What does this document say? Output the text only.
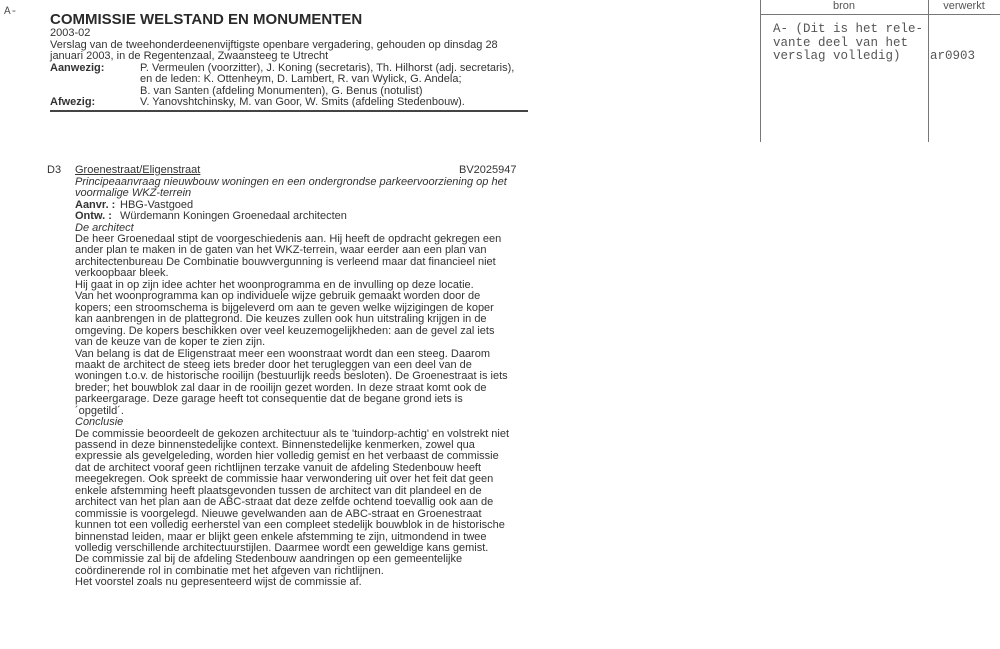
A- COMMISSIE WELSTAND EN MONUMENTEN
2003-02
Verslag van de tweehonderdeenenvijftigste openbare vergadering, gehouden op dinsdag 28
januari 2003, in de Regentenzaal, Zwaansteeg te Utrecht
Aanwezig:	P. Vermeulen (voorzitter), J. Koning (secretaris), Th. Hilhorst (adj. secretaris),
en de leden: K. Ottenheym, D. Lambert, R. van Wylick, G. Andela;
B. van Santen (afdeling Monumenten), G. Benus (notulist)
Afwezig:	V. Yanovshtchinsky, M. van Goor, W. Smits (afdeling Stedenbouw).
bron	verwerkt
A- (Dit is het rele-
vante deel van het
verslag volledig) ar0903
D3 Groenestraat/Eligenstraat	BV2025947
Principeaanvraag nieuwbouw woningen en een ondergrondse parkeervoorziening op het
voormalige WKZ-terrein
Aanvr. : HBG-Vastgoed
Ontw. : Würdemann Koningen Groenedaal architecten
De architect
De heer Groenedaal stipt de voorgeschiedenis aan. Hij heeft de opdracht gekregen een
ander plan te maken in de gaten van het WKZ-terrein, waar eerder aan een plan van
architectenbureau De Combinatie bouwvergunning is verleend maar dat financieel niet
verkoopbaar bleek.
Hij gaat in op zijn idee achter het woonprogramma en de invulling op deze locatie.
Van het woonprogramma kan op individuele wijze gebruik gemaakt worden door de
kopers; een stroomschema is bijgeleverd om aan te geven welke wijzigingen de koper
kan aanbrengen in de plattegrond. Die keuzes zullen ook hun uitstraling krijgen in de
omgeving. De kopers beschikken over veel keuzemogelijkheden: aan de gevel zal iets
van de keuze van de koper te zien zijn.
Van belang is dat de Eligenstraat meer een woonstraat wordt dan een steeg. Daarom
maakt de architect de steeg iets breder door het terugleggen van een deel van de
woningen t.o.v. de historische rooilijn (bestuurlijk reeds besloten). De Groenestraat is iets
breder; het bouwblok zal daar in de rooilijn gezet worden. In deze straat komt ook de
parkeergarage. Deze garage heeft tot consequentie dat de begane grond iets is
´opgetild´.
Conclusie
De commissie beoordeelt de gekozen architectuur als te 'tuindorp-achtig' en volstrekt niet
passend in deze binnenstedelijke context. Binnenstedelijke kenmerken, zowel qua
expressie als gevelgeleding, worden hier volledig gemist en het verbaast de commissie
dat de architect vooraf geen richtlijnen terzake vanuit de afdeling Stedenbouw heeft
meegekregen. Ook spreekt de commissie haar verwondering uit over het feit dat geen
enkele afstemming heeft plaatsgevonden tussen de architect van dit plandeel en de
architect van het plan aan de ABC-straat dat deze zelfde ochtend toevallig ook aan de
commissie is voorgelegd. Nieuwe gevelwanden aan de ABC-straat en Groenestraat
kunnen tot een volledig eerherstel van een compleet stedelijk bouwblok in de historische
binnenstad leiden, maar er blijkt geen enkele afstemming te zijn, uitmondend in twee
volledig verschillende architectuurstijlen. Daarmee wordt een geweldige kans gemist.
De commissie zal bij de afdeling Stedenbouw aandringen op een gemeentelijke
coördinerende rol in combinatie met het afgeven van richtlijnen.
Het voorstel zoals nu gepresenteerd wijst de commissie af.
